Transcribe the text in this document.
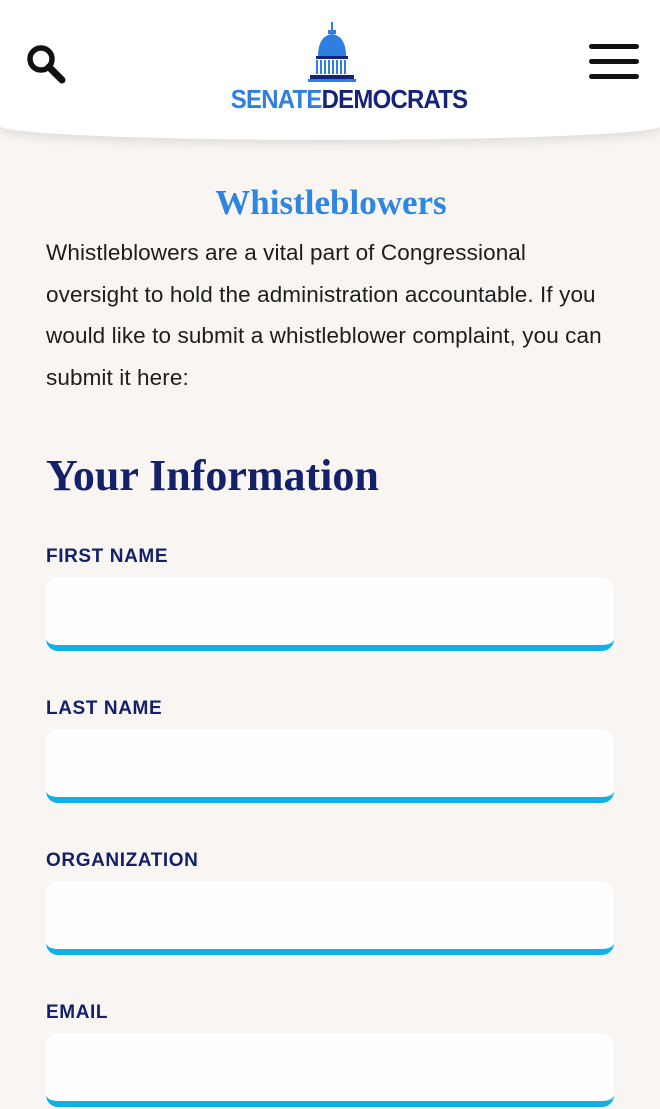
SENATEDEMOCRATS
Whistleblowers

Whistleblowers are a vital part of Congressional oversight to hold the administration accountable. If you would like to submit a whistleblower complaint, you can submit it here:

Your Information
FIRST NAME
LAST NAME
ORGANIZATION
EMAIL
